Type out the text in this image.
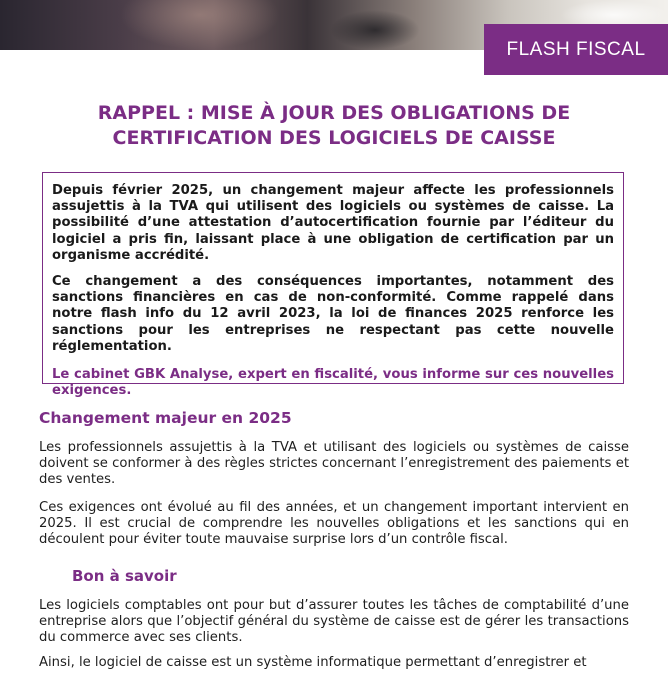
FLASH FISCAL
RAPPEL : MISE À JOUR DES OBLIGATIONS DE
CERTIFICATION DES LOGICIELS DE CAISSE

Depuis février 2025, un changement majeur affecte les professionnels assujettis à la TVA qui utilisent des logiciels ou systèmes de caisse. La possibilité d’une attestation d’autocertification fournie par l’éditeur du logiciel a pris fin, laissant place à une obligation de certification par un organisme accrédité.

Ce changement a des conséquences importantes, notamment des sanctions financières en cas de non-conformité. Comme rappelé dans notre flash info du 12 avril 2023, la loi de finances 2025 renforce les sanctions pour les entreprises ne respectant pas cette nouvelle réglementation.

Le cabinet GBK Analyse, expert en fiscalité, vous informe sur ces nouvelles exigences.

Changement majeur en 2025
Les professionnels assujettis à la TVA et utilisant des logiciels ou systèmes de caisse doivent se conformer à des règles strictes concernant l’enregistrement des paiements et des ventes.
Ces exigences ont évolué au fil des années, et un changement important intervient en 2025. Il est crucial de comprendre les nouvelles obligations et les sanctions qui en découlent pour éviter toute mauvaise surprise lors d’un contrôle fiscal.
Bon à savoir
Les logiciels comptables ont pour but d’assurer toutes les tâches de comptabilité d’une entreprise alors que l’objectif général du système de caisse est de gérer les transactions du commerce avec ses clients.
Ainsi, le logiciel de caisse est un système informatique permettant d’enregistrer et
